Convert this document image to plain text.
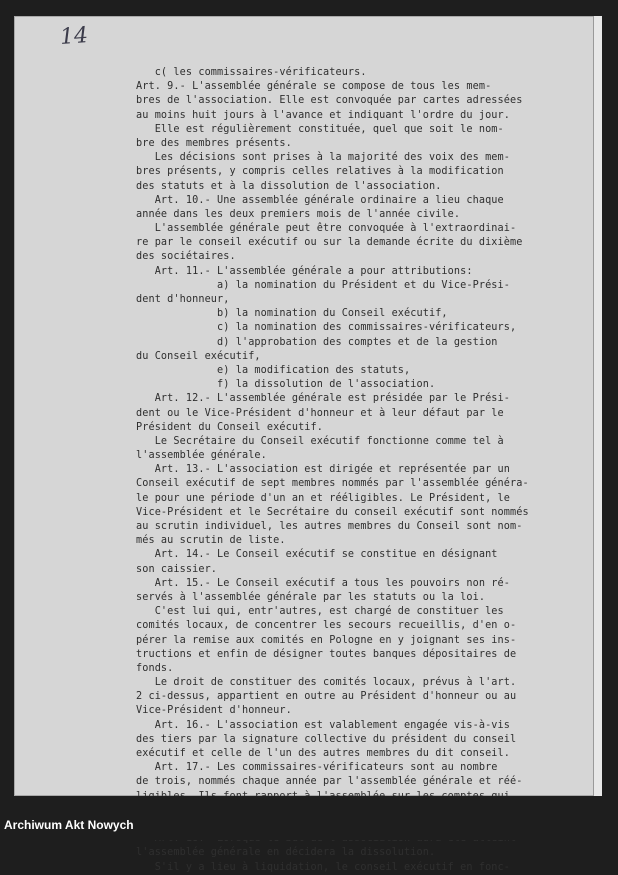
14
c( les commissaires-vérificateurs.
Art. 9.- L'assemblée générale se compose de tous les mem-
bres de l'association. Elle est convoquée par cartes adressées
au moins huit jours à l'avance et indiquant l'ordre du jour.
Elle est régulièrement constituée, quel que soit le nom-
bre des membres présents.
Les décisions sont prises à la majorité des voix des mem-
bres présents, y compris celles relatives à la modification
des statuts et à la dissolution de l'association.
Art. 10.- Une assemblée générale ordinaire a lieu chaque
année dans les deux premiers mois de l'année civile.
L'assemblée générale peut être convoquée à l'extraordinai-
re par le conseil exécutif ou sur la demande écrite du dixième
des sociétaires.
Art. 11.- L'assemblée générale a pour attributions:
a) la nomination du Président et du Vice-Prési-
dent d'honneur,
b) la nomination du Conseil exécutif,
c) la nomination des commissaires-vérificateurs,
d) l'approbation des comptes et de la gestion
du Conseil exécutif,
e) la modification des statuts,
f) la dissolution de l'association.
Art. 12.- L'assemblée générale est présidée par le Prési-
dent ou le Vice-Président d'honneur et à leur défaut par le
Président du Conseil exécutif.
Le Secrétaire du Conseil exécutif fonctionne comme tel à
l'assemblée générale.
Art. 13.- L'association est dirigée et représentée par un
Conseil exécutif de sept membres nommés par l'assemblée généra-
le pour une période d'un an et rééligibles. Le Président, le
Vice-Président et le Secrétaire du conseil exécutif sont nommés
au scrutin individuel, les autres membres du Conseil sont nom-
més au scrutin de liste.
Art. 14.- Le Conseil exécutif se constitue en désignant
son caissier.
Art. 15.- Le Conseil exécutif a tous les pouvoirs non ré-
servés à l'assemblée générale par les statuts ou la loi.
C'est lui qui, entr'autres, est chargé de constituer les
comités locaux, de concentrer les secours recueillis, d'en o-
pérer la remise aux comités en Pologne en y joignant ses ins-
tructions et enfin de désigner toutes banques dépositaires de
fonds.
Le droit de constituer des comités locaux, prévus à l'art.
2 ci-dessus, appartient en outre au Président d'honneur ou au
Vice-Président d'honneur.
Art. 16.- L'association est valablement engagée vis-à-vis
des tiers par la signature collective du président du conseil
exécutif et celle de l'un des autres membres du dit conseil.
Art. 17.- Les commissaires-vérificateurs sont au nombre
de trois, nommés chaque année par l'assemblée générale et réé-
l'assemblée générale en décidera la dissolution.
S'il y a lieu à liquidation, le conseil exécutif en fonc-
Archiwum Akt Nowych
